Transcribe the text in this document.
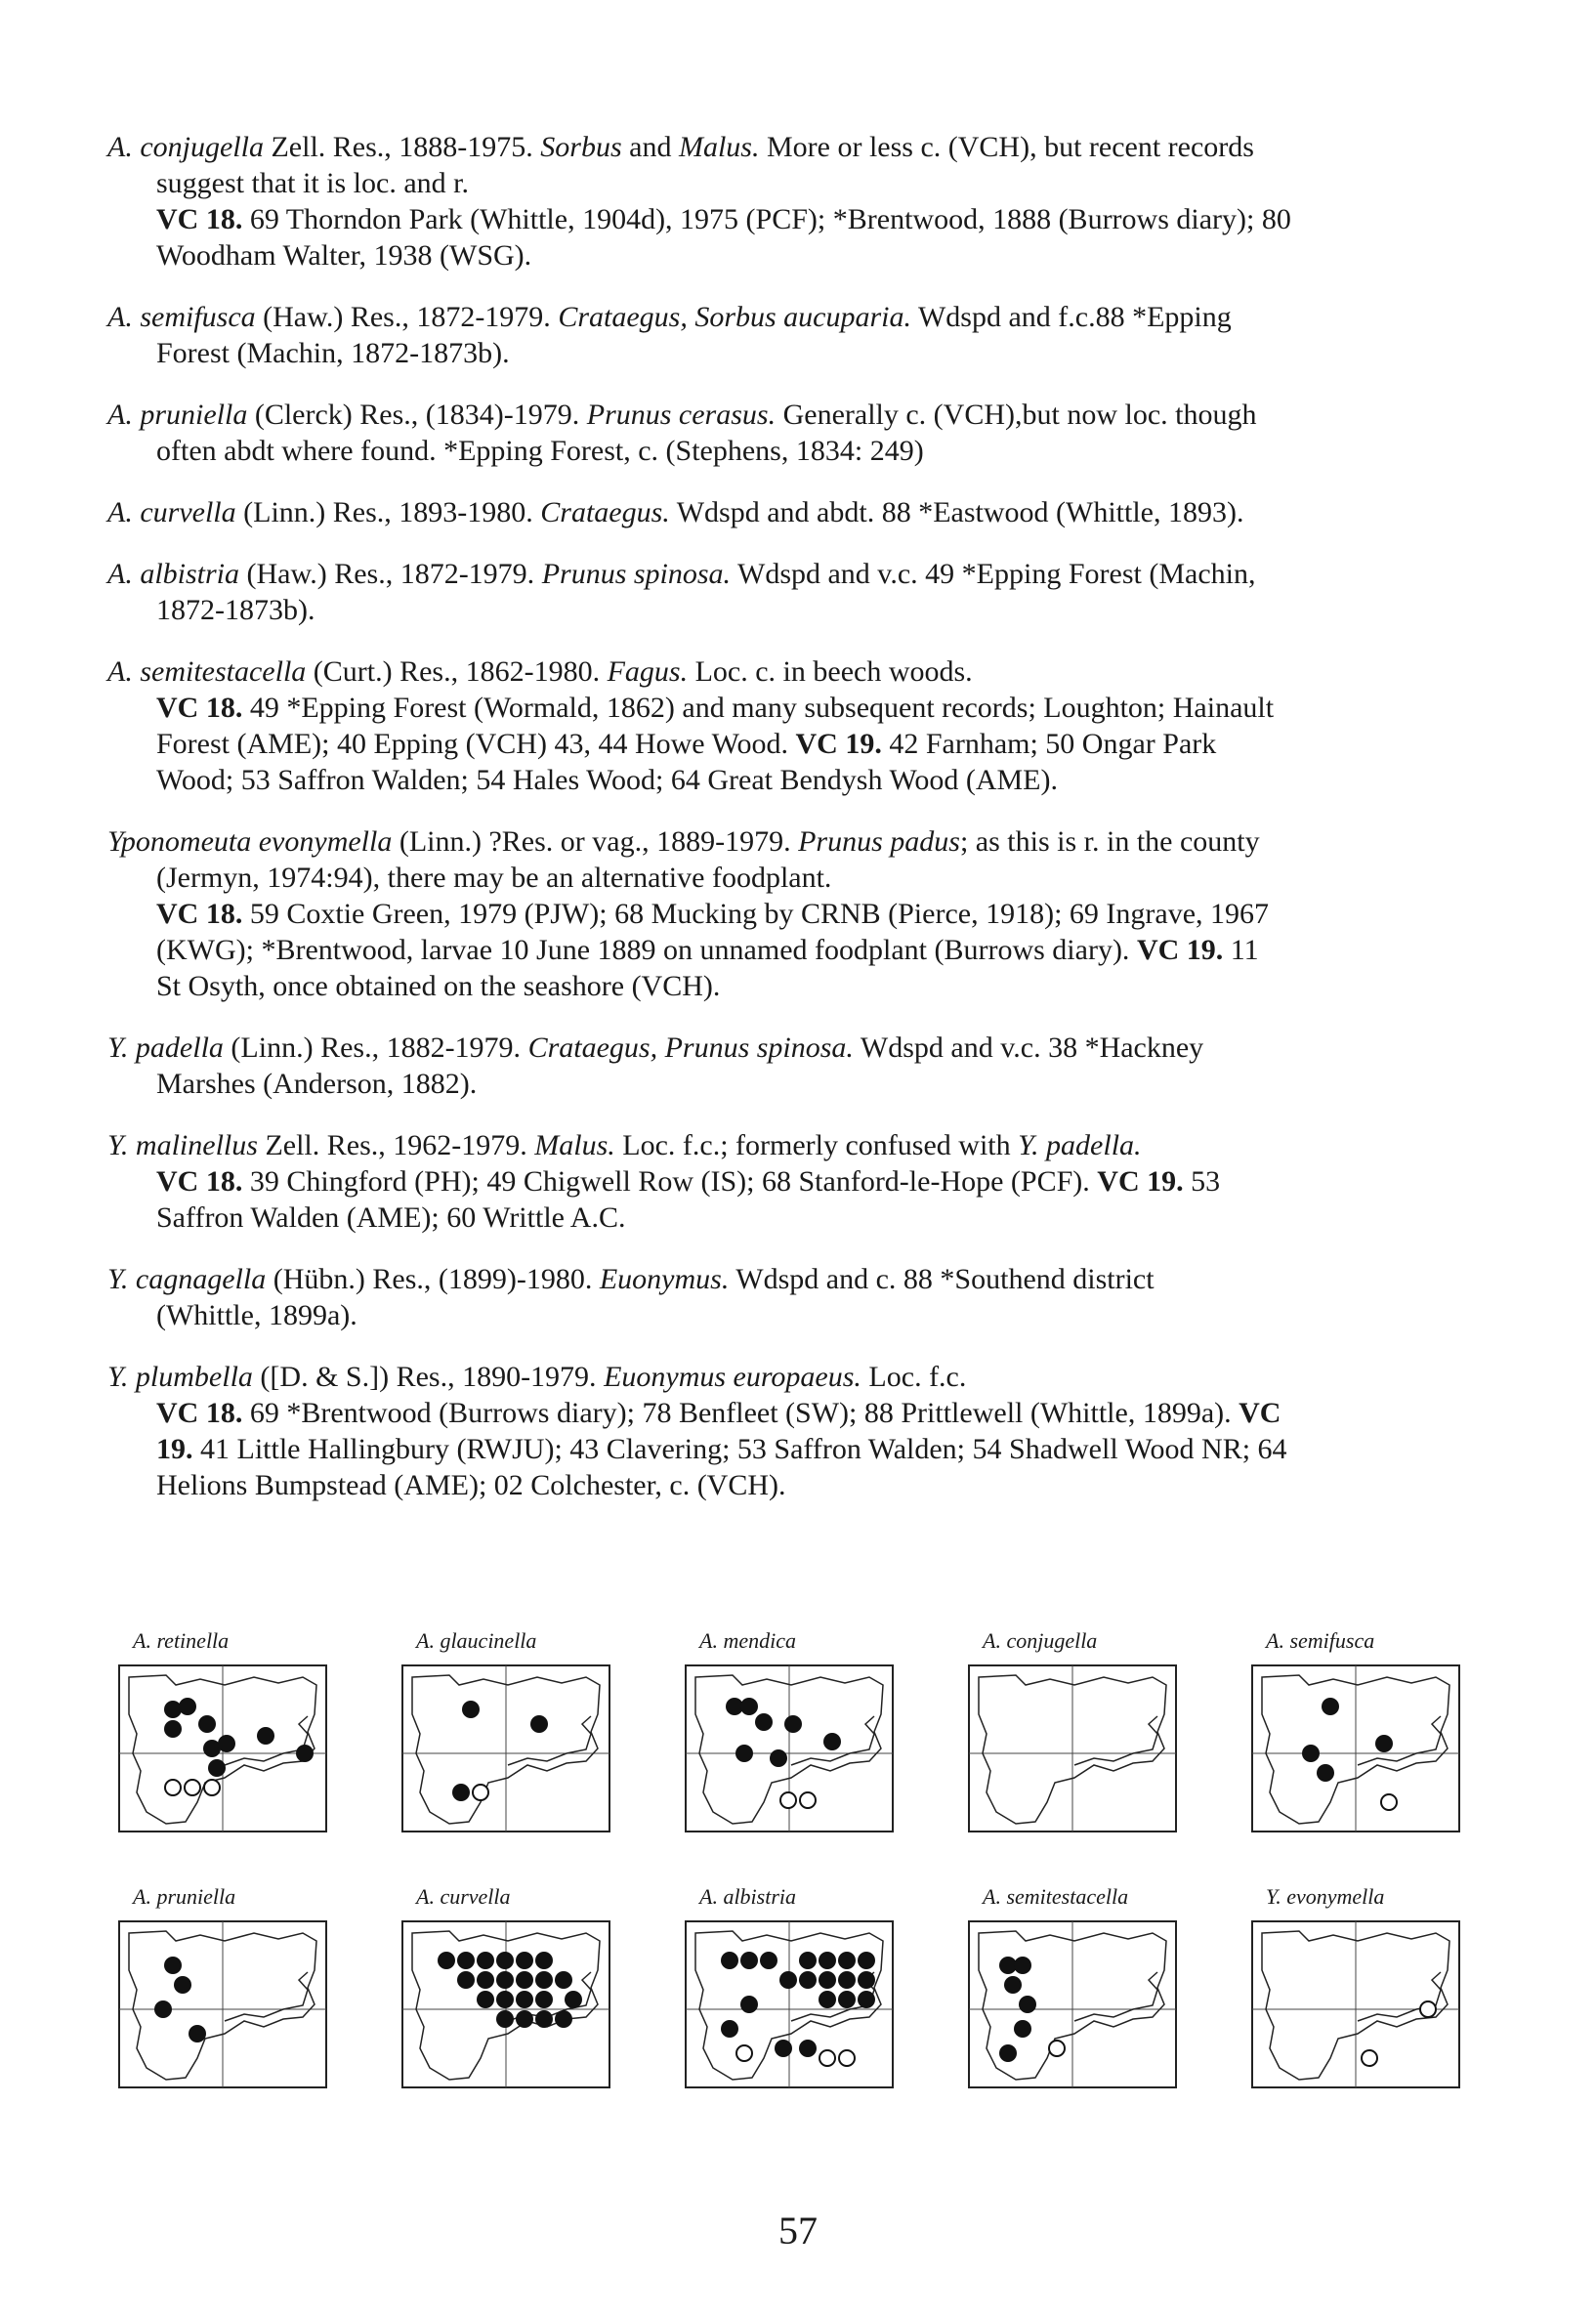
A. conjugella Zell. Res., 1888-1975. Sorbus and Malus. More or less c. (VCH), but recent records

suggest that it is loc. and r.

VC 18. 69 Thorndon Park (Whittle, 1904d), 1975 (PCF); *Brentwood, 1888 (Burrows diary); 80

Woodham Walter, 1938 (WSG).

A. semifusca (Haw.) Res., 1872-1979. Crataegus, Sorbus aucuparia. Wdspd and f.c.88 *Epping

Forest (Machin, 1872-1873b).

A. pruniella (Clerck) Res., (1834)-1979. Prunus cerasus. Generally c. (VCH),but now loc. though

often abdt where found. *Epping Forest, c. (Stephens, 1834: 249)

A. curvella (Linn.) Res., 1893-1980. Crataegus. Wdspd and abdt. 88 *Eastwood (Whittle, 1893).

A. albistria (Haw.) Res., 1872-1979. Prunus spinosa. Wdspd and v.c. 49 *Epping Forest (Machin,

1872-1873b).

A. semitestacella (Curt.) Res., 1862-1980. Fagus. Loc. c. in beech woods.

VC 18. 49 *Epping Forest (Wormald, 1862) and many subsequent records; Loughton; Hainault

Forest (AME); 40 Epping (VCH) 43, 44 Howe Wood. VC 19. 42 Farnham; 50 Ongar Park

Wood; 53 Saffron Walden; 54 Hales Wood; 64 Great Bendysh Wood (AME).

Yponomeuta evonymella (Linn.) ?Res. or vag., 1889-1979. Prunus padus; as this is r. in the county

(Jermyn, 1974:94), there may be an alternative foodplant.

VC 18. 59 Coxtie Green, 1979 (PJW); 68 Mucking by CRNB (Pierce, 1918); 69 Ingrave, 1967

(KWG); *Brentwood, larvae 10 June 1889 on unnamed foodplant (Burrows diary). VC 19. 11

St Osyth, once obtained on the seashore (VCH).

Y. padella (Linn.) Res., 1882-1979. Crataegus, Prunus spinosa. Wdspd and v.c. 38 *Hackney

Marshes (Anderson, 1882).

Y. malinellus Zell. Res., 1962-1979. Malus. Loc. f.c.; formerly confused with Y. padella.

VC 18. 39 Chingford (PH); 49 Chigwell Row (IS); 68 Stanford-le-Hope (PCF). VC 19. 53

Saffron Walden (AME); 60 Writtle A.C.

Y. cagnagella (Hübn.) Res., (1899)-1980. Euonymus. Wdspd and c. 88 *Southend district

(Whittle, 1899a).

Y. plumbella ([D. & S.]) Res., 1890-1979. Euonymus europaeus. Loc. f.c.

VC 18. 69 *Brentwood (Burrows diary); 78 Benfleet (SW); 88 Prittlewell (Whittle, 1899a). VC

19. 41 Little Hallingbury (RWJU); 43 Clavering; 53 Saffron Walden; 54 Shadwell Wood NR; 64

Helions Bumpstead (AME); 02 Colchester, c. (VCH).

A. retinella	A. glaucinella	A. mendica	A. conjugella	A. semifusca
A. pruniella	A. curvella	A. albistria	A. semitestacella	Y. evonymella
57
